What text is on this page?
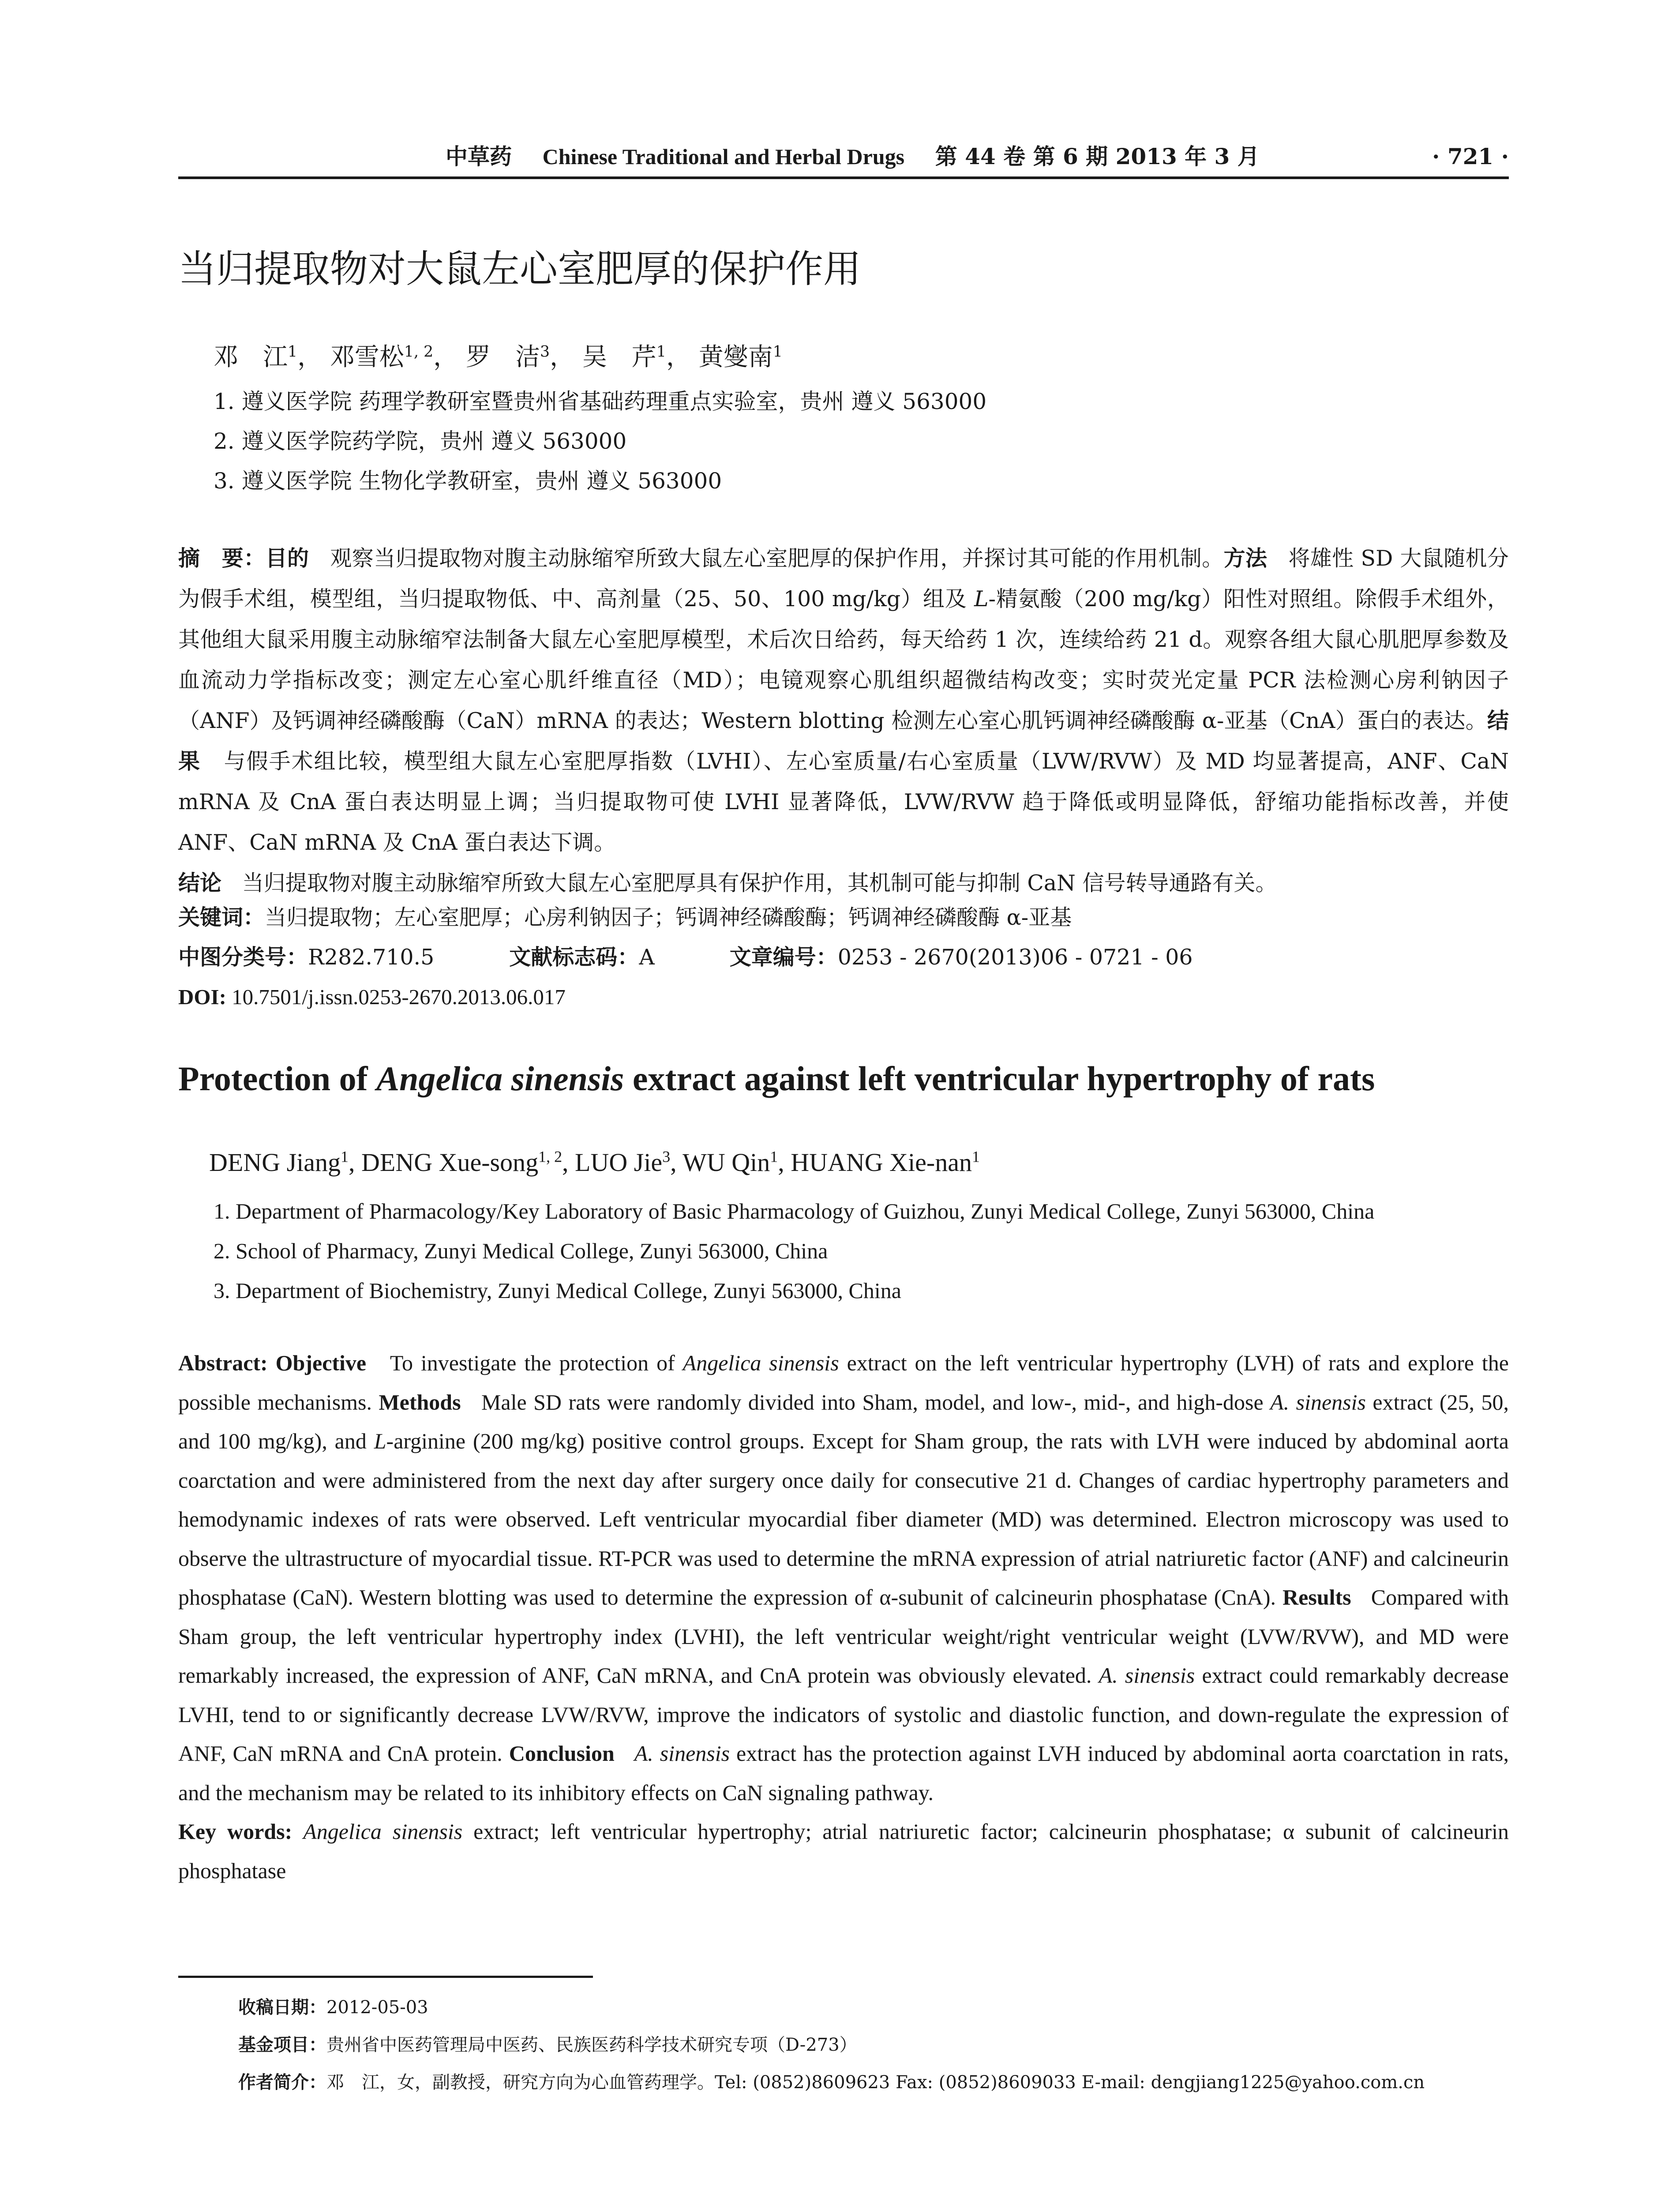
中草药 Chinese Traditional and Herbal Drugs 第 44 卷 第 6 期 2013 年 3 月	· 721 ·
当归提取物对大鼠左心室肥厚的保护作用
邓　江$^1$， 邓雪松$^{1, 2}$， 罗　洁$^3$， 吴　芹$^1$， 黄燮南$^1$
1. 遵义医学院 药理学教研室暨贵州省基础药理重点实验室，贵州 遵义 563000
2. 遵义医学院药学院，贵州 遵义 563000
3. 遵义医学院 生物化学教研室，贵州 遵义 563000
摘　要：目的 观察当归提取物对腹主动脉缩窄所致大鼠左心室肥厚的保护作用，并探讨其可能的作用机制。方法 将雄性 SD 大鼠随机分为假手术组，模型组，当归提取物低、中、高剂量（25、50、100 mg/kg）组及 L-精氨酸（200 mg/kg）阳性对照组。除假手术组外，其他组大鼠采用腹主动脉缩窄法制备大鼠左心室肥厚模型，术后次日给药，每天给药 1 次，连续给药 21 d。观察各组大鼠心肌肥厚参数及血流动力学指标改变；测定左心室心肌纤维直径（MD）；电镜观察心肌组织超微结构改变；实时荧光定量 PCR 法检测心房利钠因子（ANF）及钙调神经磷酸酶（CaN）mRNA 的表达；Western blotting 检测左心室心肌钙调神经磷酸酶 α-亚基（CnA）蛋白的表达。结果 与假手术组比较，模型组大鼠左心室肥厚指数（LVHI）、左心室质量/右心室质量（LVW/RVW）及 MD 均显著提高，ANF、CaN mRNA 及 CnA 蛋白表达明显上调；当归提取物可使 LVHI 显著降低，LVW/RVW 趋于降低或明显降低，舒缩功能指标改善，并使 ANF、CaN mRNA 及 CnA 蛋白表达下调。
结论 当归提取物对腹主动脉缩窄所致大鼠左心室肥厚具有保护作用，其机制可能与抑制 CaN 信号转导通路有关。
关键词：当归提取物；左心室肥厚；心房利钠因子；钙调神经磷酸酶；钙调神经磷酸酶 α-亚基
中图分类号：R282.710.5	文献标志码：A	文章编号：0253 - 2670(2013)06 - 0721 - 06
DOI: 10.7501/j.issn.0253-2670.2013.06.017
Protection of Angelica sinensis extract against left ventricular hypertrophy of rats
DENG Jiang$^1$, DENG Xue-song$^{1, 2}$, LUO Jie$^3$, WU Qin$^1$, HUANG Xie-nan$^1$
1. Department of Pharmacology/Key Laboratory of Basic Pharmacology of Guizhou, Zunyi Medical College, Zunyi 563000, China
2. School of Pharmacy, Zunyi Medical College, Zunyi 563000, China
3. Department of Biochemistry, Zunyi Medical College, Zunyi 563000, China
Abstract: Objective To investigate the protection of Angelica sinensis extract on the left ventricular hypertrophy (LVH) of rats and explore the possible mechanisms. Methods Male SD rats were randomly divided into Sham, model, and low-, mid-, and high-dose A. sinensis extract (25, 50, and 100 mg/kg), and L-arginine (200 mg/kg) positive control groups. Except for Sham group, the rats with LVH were induced by abdominal aorta coarctation and were administered from the next day after surgery once daily for consecutive 21 d. Changes of cardiac hypertrophy parameters and hemodynamic indexes of rats were observed. Left ventricular myocardial fiber diameter (MD) was determined. Electron microscopy was used to observe the ultrastructure of myocardial tissue. RT-PCR was used to determine the mRNA expression of atrial natriuretic factor (ANF) and calcineurin phosphatase (CaN). Western blotting was used to determine the expression of α-subunit of calcineurin phosphatase (CnA). Results Compared with Sham group, the left ventricular hypertrophy index (LVHI), the left ventricular weight/right ventricular weight (LVW/RVW), and MD were remarkably increased, the expression of ANF, CaN mRNA, and CnA protein was obviously elevated. A. sinensis extract could remarkably decrease LVHI, tend to or significantly decrease LVW/RVW, improve the indicators of systolic and diastolic function, and down-regulate the expression of ANF, CaN mRNA and CnA protein. Conclusion A. sinensis extract has the protection against LVH induced by abdominal aorta coarctation in rats, and the mechanism may be related to its inhibitory effects on CaN signaling pathway.
Key words: Angelica sinensis extract; left ventricular hypertrophy; atrial natriuretic factor; calcineurin phosphatase; α subunit of calcineurin phosphatase
收稿日期：2012-05-03
基金项目：贵州省中医药管理局中医药、民族医药科学技术研究专项（D-273）
作者简介：邓　江，女，副教授，研究方向为心血管药理学。Tel: (0852)8609623 Fax: (0852)8609033 E-mail: dengjiang1225@yahoo.com.cn
